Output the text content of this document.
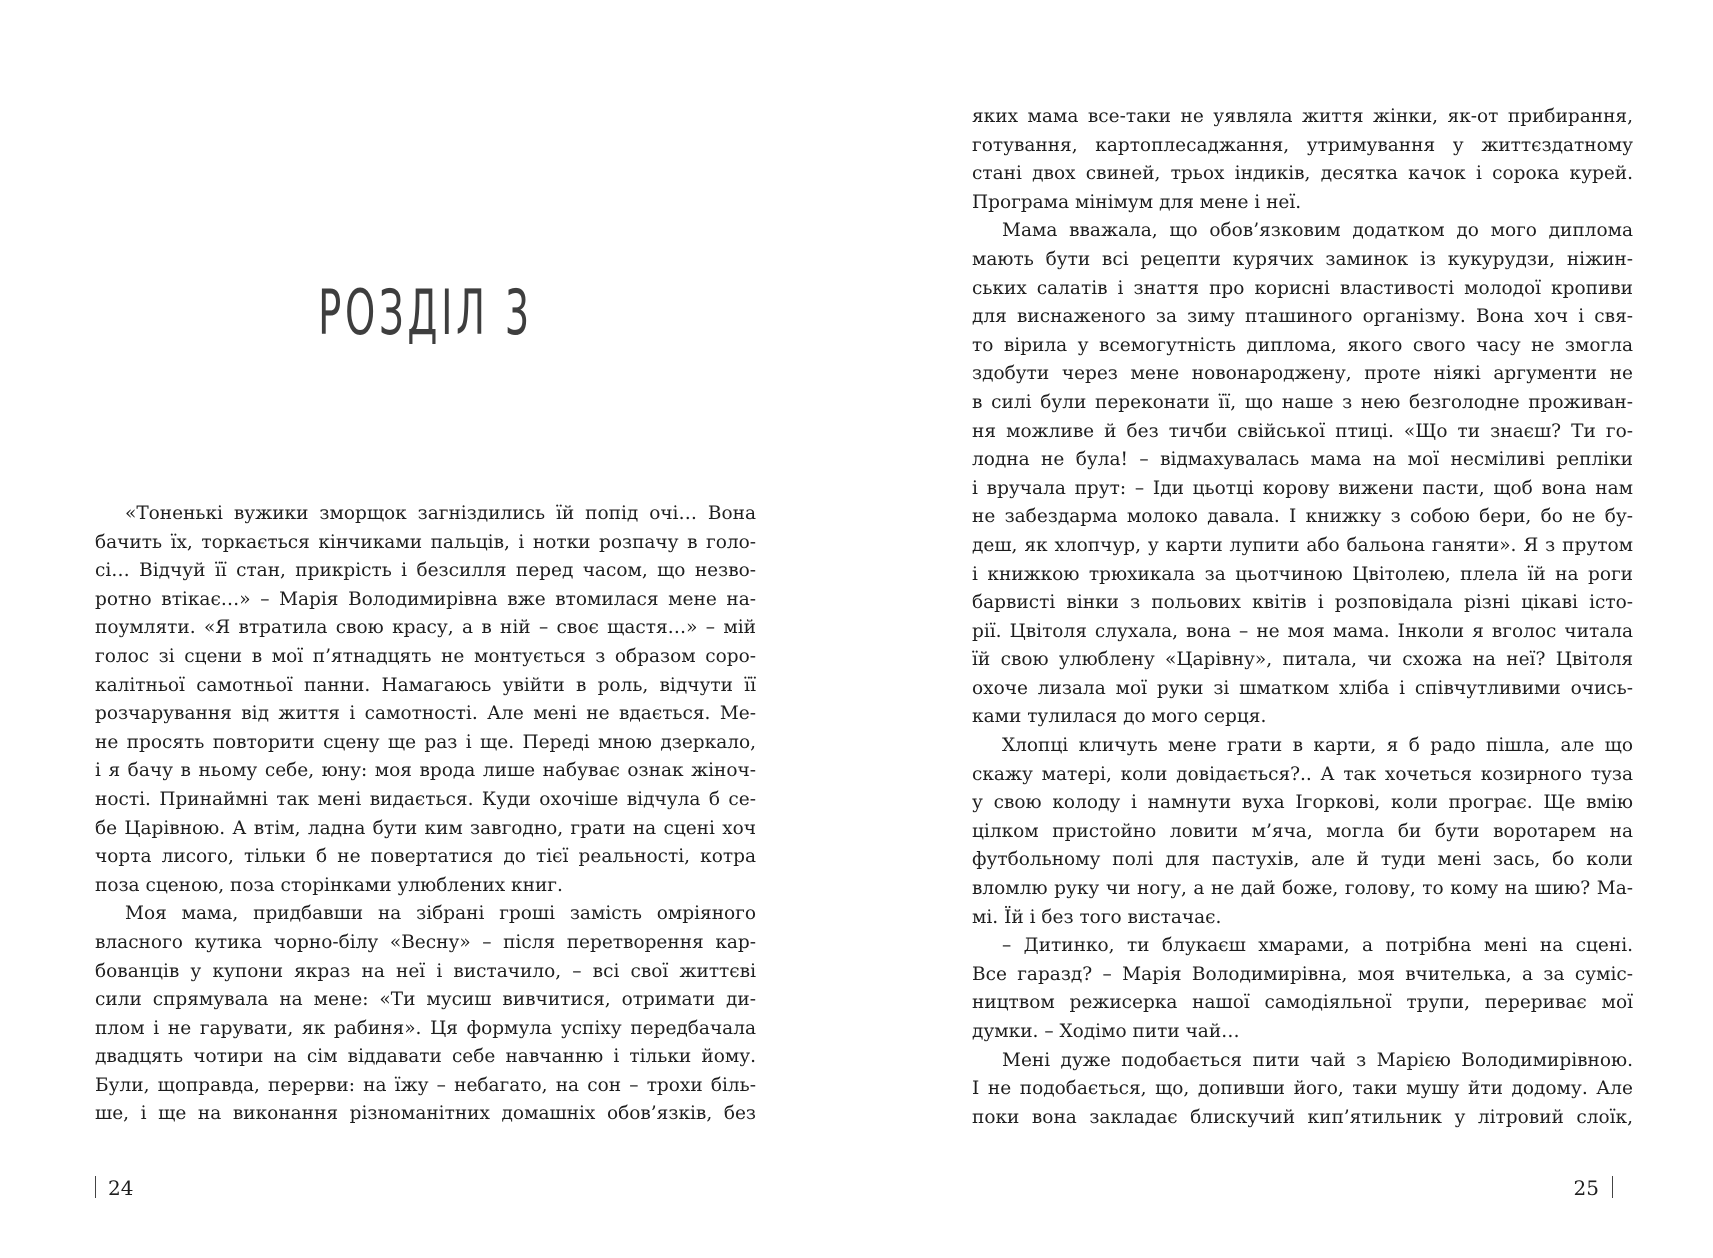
РОЗДІЛ 3
«Тоненькі вужики зморщок загніздились їй попід очі… Вона
бачить їх, торкається кінчиками пальців, і нотки розпачу в голо-
сі… Відчуй її стан, прикрість і безсилля перед часом, що незво-
ротно втікає…» – Марія Володимирівна вже втомилася мене на-
поумляти. «Я втратила свою красу, а в ній – своє щастя…» – мій
голос зі сцени в мої п’ятнадцять не монтується з образом соро-
калітньої самотньої панни. Намагаюсь увійти в роль, відчути її
розчарування від життя і самотності. Але мені не вдається. Ме-
не просять повторити сцену ще раз і ще. Переді мною дзеркало,
і я бачу в ньому себе, юну: моя врода лише набуває ознак жіноч-
ності. Принаймні так мені видається. Куди охочіше відчула б се-
бе Царівною. А втім, ладна бути ким завгодно, грати на сцені хоч
чорта лисого, тільки б не повертатися до тієї реальності, котра
поза сценою, поза сторінками улюблених книг.
Моя мама, придбавши на зібрані гроші замість омріяного
власного кутика чорно-білу «Весну» – після перетворення кар-
бованців у купони якраз на неї і вистачило, – всі свої життєві
сили спрямувала на мене: «Ти мусиш вивчитися, отримати ди-
плом і не гарувати, як рабиня». Ця формула успіху передбачала
двадцять чотири на сім віддавати себе навчанню і тільки йому.
Були, щоправда, перерви: на їжу – небагато, на сон – трохи біль-
ше, і ще на виконання різноманітних домашніх обов’язків, без
24
яких мама все-таки не уявляла життя жінки, як-от прибирання,
готування, картоплесаджання, утримування у життєздатному
стані двох свиней, трьох індиків, десятка качок і сорока курей.
Програма мінімум для мене і неї.
Мама вважала, що обов’язковим додатком до мого диплома
мають бути всі рецепти курячих заминок із кукурудзи, ніжин-
ських салатів і знаття про корисні властивості молодої кропиви
для виснаженого за зиму пташиного організму. Вона хоч і свя-
то вірила у всемогутність диплома, якого свого часу не змогла
здобути через мене новонароджену, проте ніякі аргументи не
в силі були переконати її, що наше з нею безголодне проживан-
ня можливе й без тичби свійської птиці. «Що ти знаєш? Ти го-
лодна не була! – відмахувалась мама на мої несміливі репліки
і вручала прут: – Іди цьотці корову вижени пасти, щоб вона нам
не забездарма молоко давала. І книжку з собою бери, бо не бу-
деш, як хлопчур, у карти лупити або бальона ганяти». Я з прутом
і книжкою трюхикала за цьотчиною Цвітолею, плела їй на роги
барвисті вінки з польових квітів і розповідала різні цікаві істо-
рії. Цвітоля слухала, вона – не моя мама. Інколи я вголос читала
їй свою улюблену «Царівну», питала, чи схожа на неї? Цвітоля
охоче лизала мої руки зі шматком хліба і співчутливими очись-
ками тулилася до мого серця.
Хлопці кличуть мене грати в карти, я б радо пішла, але що
скажу матері, коли довідається?.. А так хочеться козирного туза
у свою колоду і намнути вуха Ігоркові, коли програє. Ще вмію
цілком пристойно ловити м’яча, могла би бути воротарем на
футбольному полі для пастухів, але й туди мені зась, бо коли
вломлю руку чи ногу, а не дай боже, голову, то кому на шию? Ма-
мі. Їй і без того вистачає.
– Дитинко, ти блукаєш хмарами, а потрібна мені на сцені.
Все гаразд? – Марія Володимирівна, моя вчителька, а за суміс-
ництвом режисерка нашої самодіяльної трупи, перериває мої
думки. – Ходімо пити чай…
Мені дуже подобається пити чай з Марією Володимирівною.
І не подобається, що, допивши його, таки мушу йти додому. Але
поки вона закладає блискучий кип’ятильник у літровий слоїк,
25
